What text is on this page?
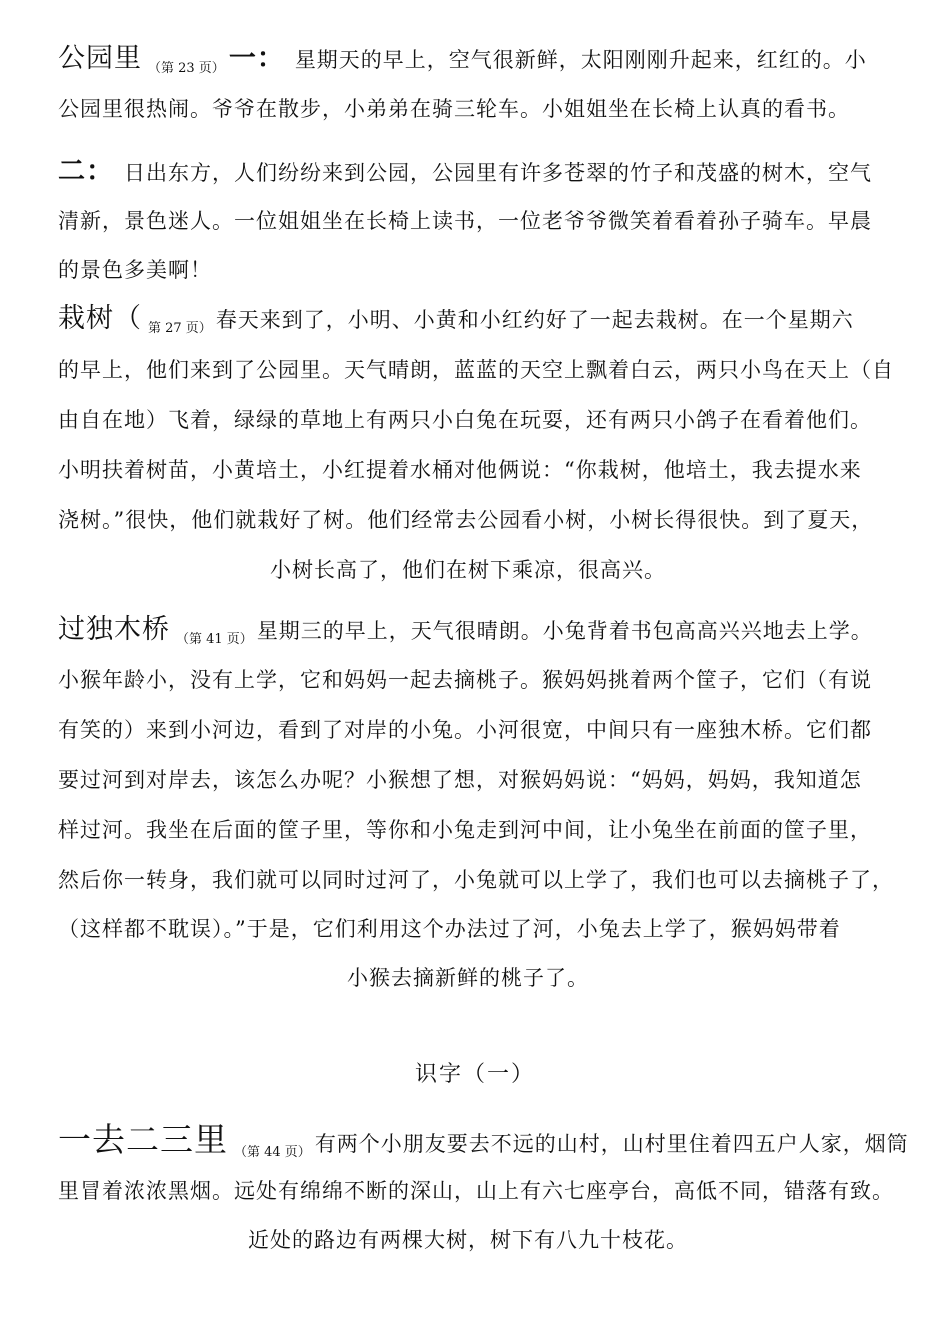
公园里 $_{(第 23 页)}$ 一： 星期天的早上，空气很新鲜，太阳刚刚升起来，红红的。小
公园里很热闹。爷爷在散步，小弟弟在骑三轮车。小姐姐坐在长椅上认真的看书。
二： 日出东方，人们纷纷来到公园，公园里有许多苍翠的竹子和茂盛的树木，空气
清新，景色迷人。一位姐姐坐在长椅上读书，一位老爷爷微笑着看着孙子骑车。早晨
的景色多美啊！
栽树（ $_{第 27 页)}$ 春天来到了，小明、小黄和小红约好了一起去栽树。在一个星期六
的早上，他们来到了公园里。天气晴朗，蓝蓝的天空上飘着白云，两只小鸟在天上（自
由自在地）飞着，绿绿的草地上有两只小白兔在玩耍，还有两只小鸽子在看着他们。
小明扶着树苗，小黄培土，小红提着水桶对他俩说：“你栽树，他培土，我去提水来
浇树。”很快，他们就栽好了树。他们经常去公园看小树，小树长得很快。到了夏天，
小树长高了，他们在树下乘凉，很高兴。
过独木桥 $_{(第 41 页)}$ 星期三的早上，天气很晴朗。小兔背着书包高高兴兴地去上学。
小猴年龄小，没有上学，它和妈妈一起去摘桃子。猴妈妈挑着两个筐子，它们（有说
有笑的）来到小河边，看到了对岸的小兔。小河很宽，中间只有一座独木桥。它们都
要过河到对岸去，该怎么办呢？小猴想了想，对猴妈妈说：“妈妈，妈妈，我知道怎
样过河。我坐在后面的筐子里，等你和小兔走到河中间，让小兔坐在前面的筐子里，
然后你一转身，我们就可以同时过河了，小兔就可以上学了，我们也可以去摘桃子了，
（这样都不耽误）。”于是，它们利用这个办法过了河，小兔去上学了，猴妈妈带着
小猴去摘新鲜的桃子了。
识字（一）
一去二三里 $_{(第 44 页)}$ 有两个小朋友要去不远的山村，山村里住着四五户人家，烟筒
里冒着浓浓黑烟。远处有绵绵不断的深山，山上有六七座亭台，高低不同，错落有致。
近处的路边有两棵大树，树下有八九十枝花。
